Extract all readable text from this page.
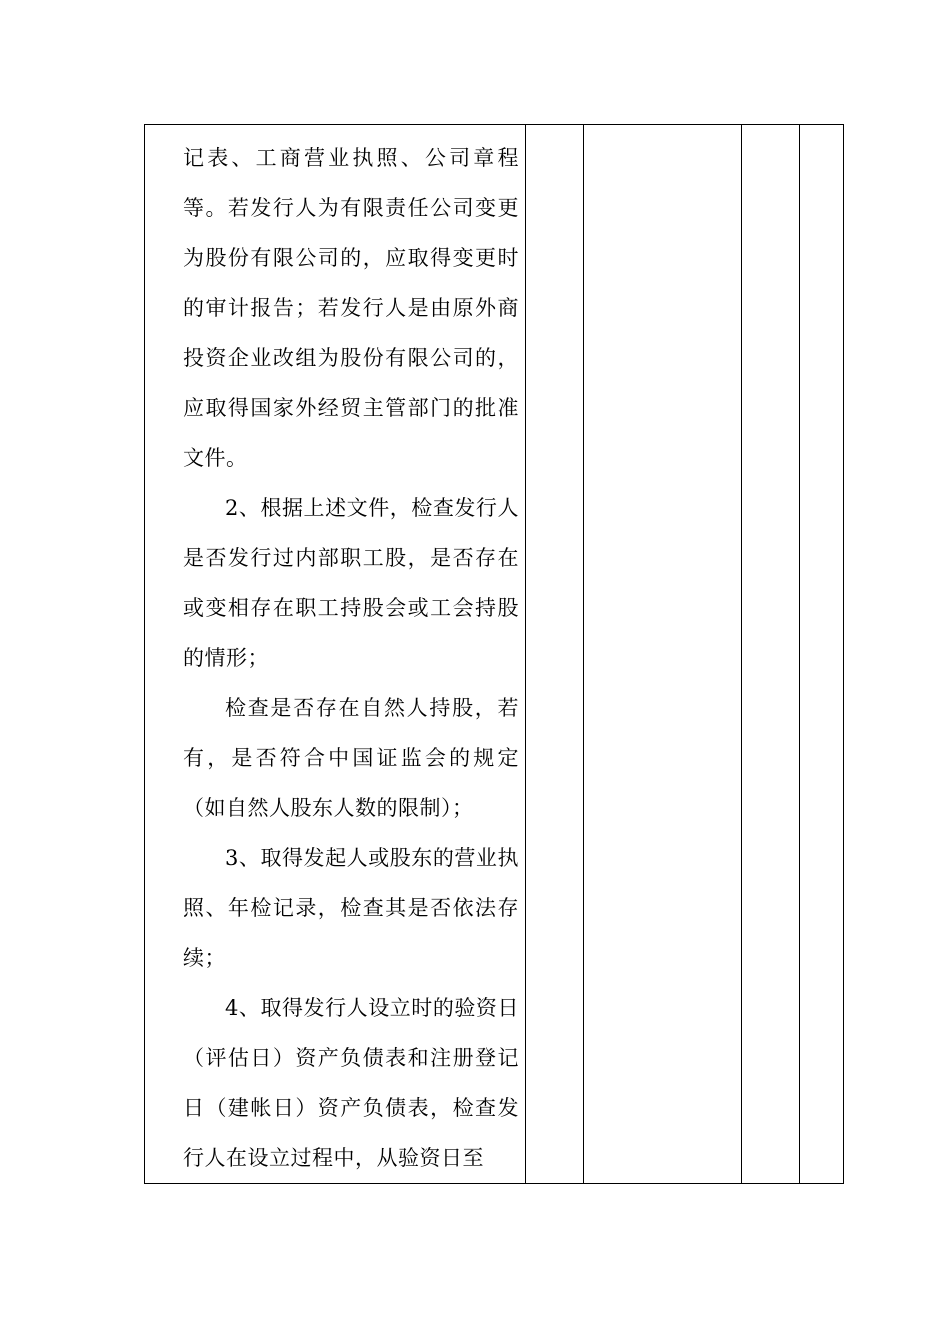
记表、工商营业执照、公司章程等。若发行人为有限责任公司变更为股份有限公司的，应取得变更时的审计报告；若发行人是由原外商投资企业改组为股份有限公司的，应取得国家外经贸主管部门的批准文件。

2、根据上述文件，检查发行人是否发行过内部职工股，是否存在或变相存在职工持股会或工会持股的情形；

检查是否存在自然人持股，若有，是否符合中国证监会的规定（如自然人股东人数的限制）；

3、取得发起人或股东的营业执照、年检记录，检查其是否依法存续；

4、取得发行人设立时的验资日（评估日）资产负债表和注册登记日（建帐日）资产负债表，检查发行人在设立过程中，从验资日至
